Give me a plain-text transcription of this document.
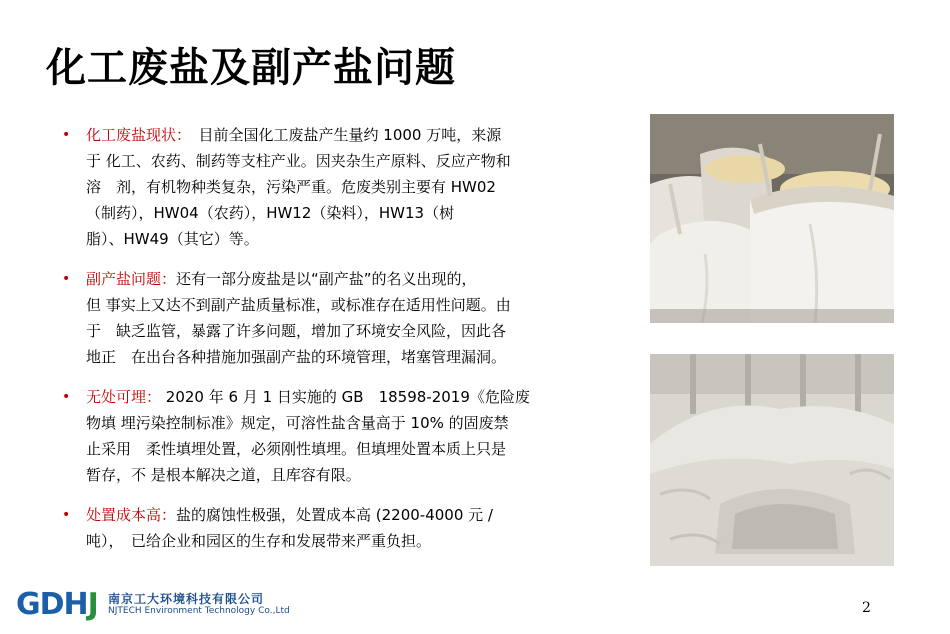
化工废盐及副产盐问题
•	化工废盐现状：　 目前全国化工废盐产生量约 1000 万吨，来源
于 化工、农药、制药等支柱产业。因夹杂生产原料、反应产物和
溶　剂，有机物种类复杂，污染严重。危废类别主要有 HW02
（制药），HW04（农药），HW12（染料），HW13（树
脂）、HW49（其它）等。
•	副产盐问题：还有一部分废盐是以“副产盐”的名义出现的，
但 事实上又达不到副产盐质量标准，或标准存在适用性问题。由
于　缺乏监管，暴露了许多问题，增加了环境安全风险，因此各
地正　在出台各种措施加强副产盐的环境管理，堵塞管理漏洞。
•	无处可埋： 2020 年 6 月 1 日实施的 GB　18598-2019《危险废
物填 埋污染控制标准》规定，可溶性盐含量高于 10% 的固废禁
止采用　柔性填埋处置，必须刚性填埋。但填埋处置本质上只是
暂存，不 是根本解决之道，且库容有限。
•	处置成本高：盐的腐蚀性极强，处置成本高 (2200-4000 元 /
吨），　已给企业和园区的生存和发展带来严重负担。
GDHJ 南京工大环境科技有限公司
NJTECH Environment Technology Co.,Ltd	2
